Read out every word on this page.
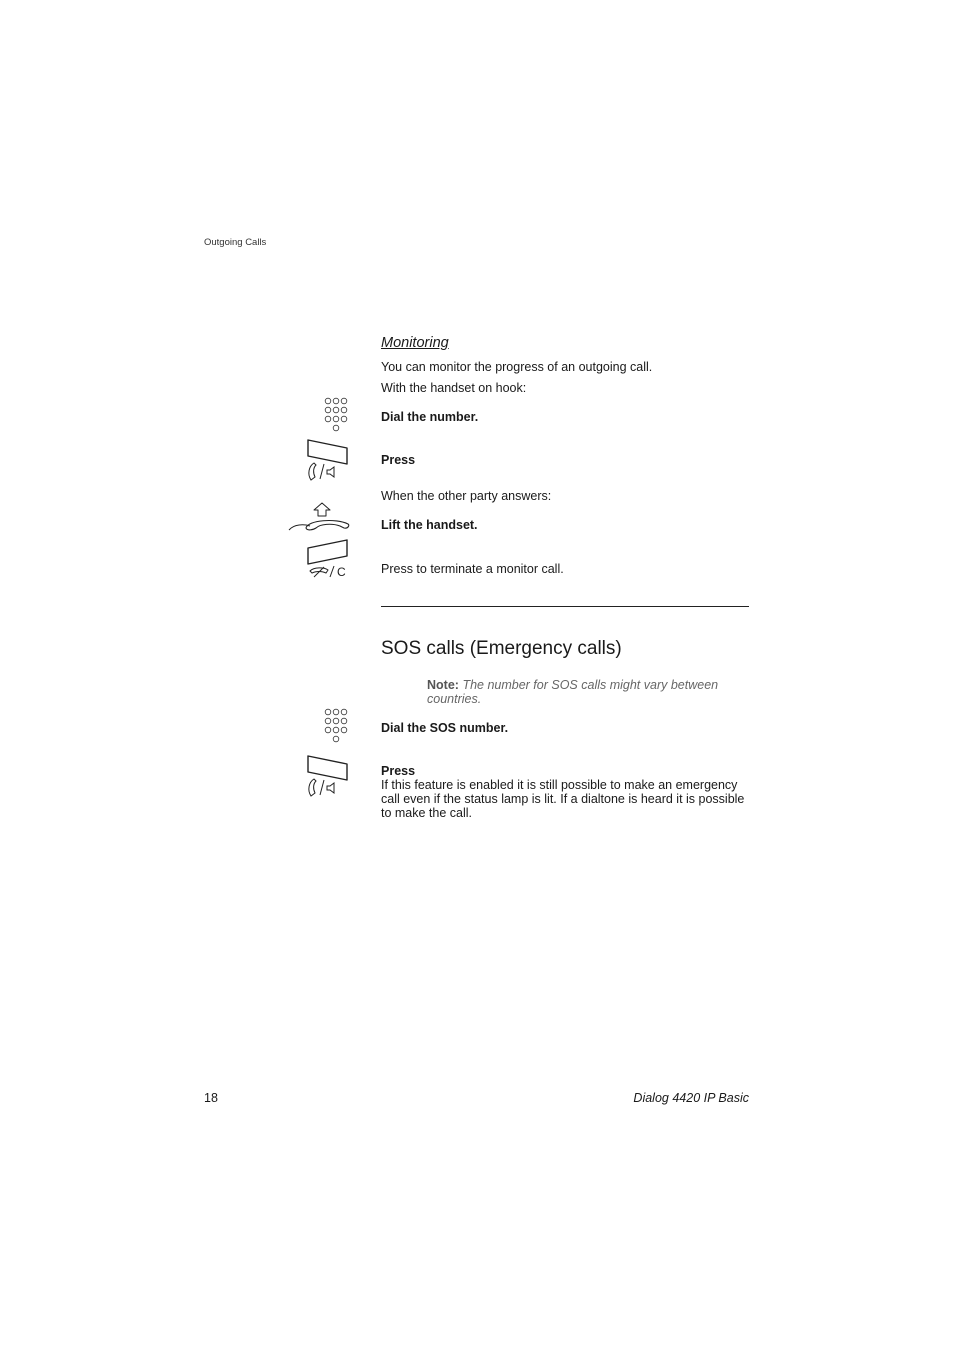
Outgoing Calls
Monitoring
You can monitor the progress of an outgoing call.
With the handset on hook:
Dial the number.
Press
When the other party answers:
Lift the handset.
C	Press to terminate a monitor call.
SOS calls (Emergency calls)
Note: The number for SOS calls might vary between countries.
Dial the SOS number.
Press
If this feature is enabled it is still possible to make an emergency call even if the status lamp is lit. If a dialtone is heard it is possible to make the call.
18	Dialog 4420 IP Basic
